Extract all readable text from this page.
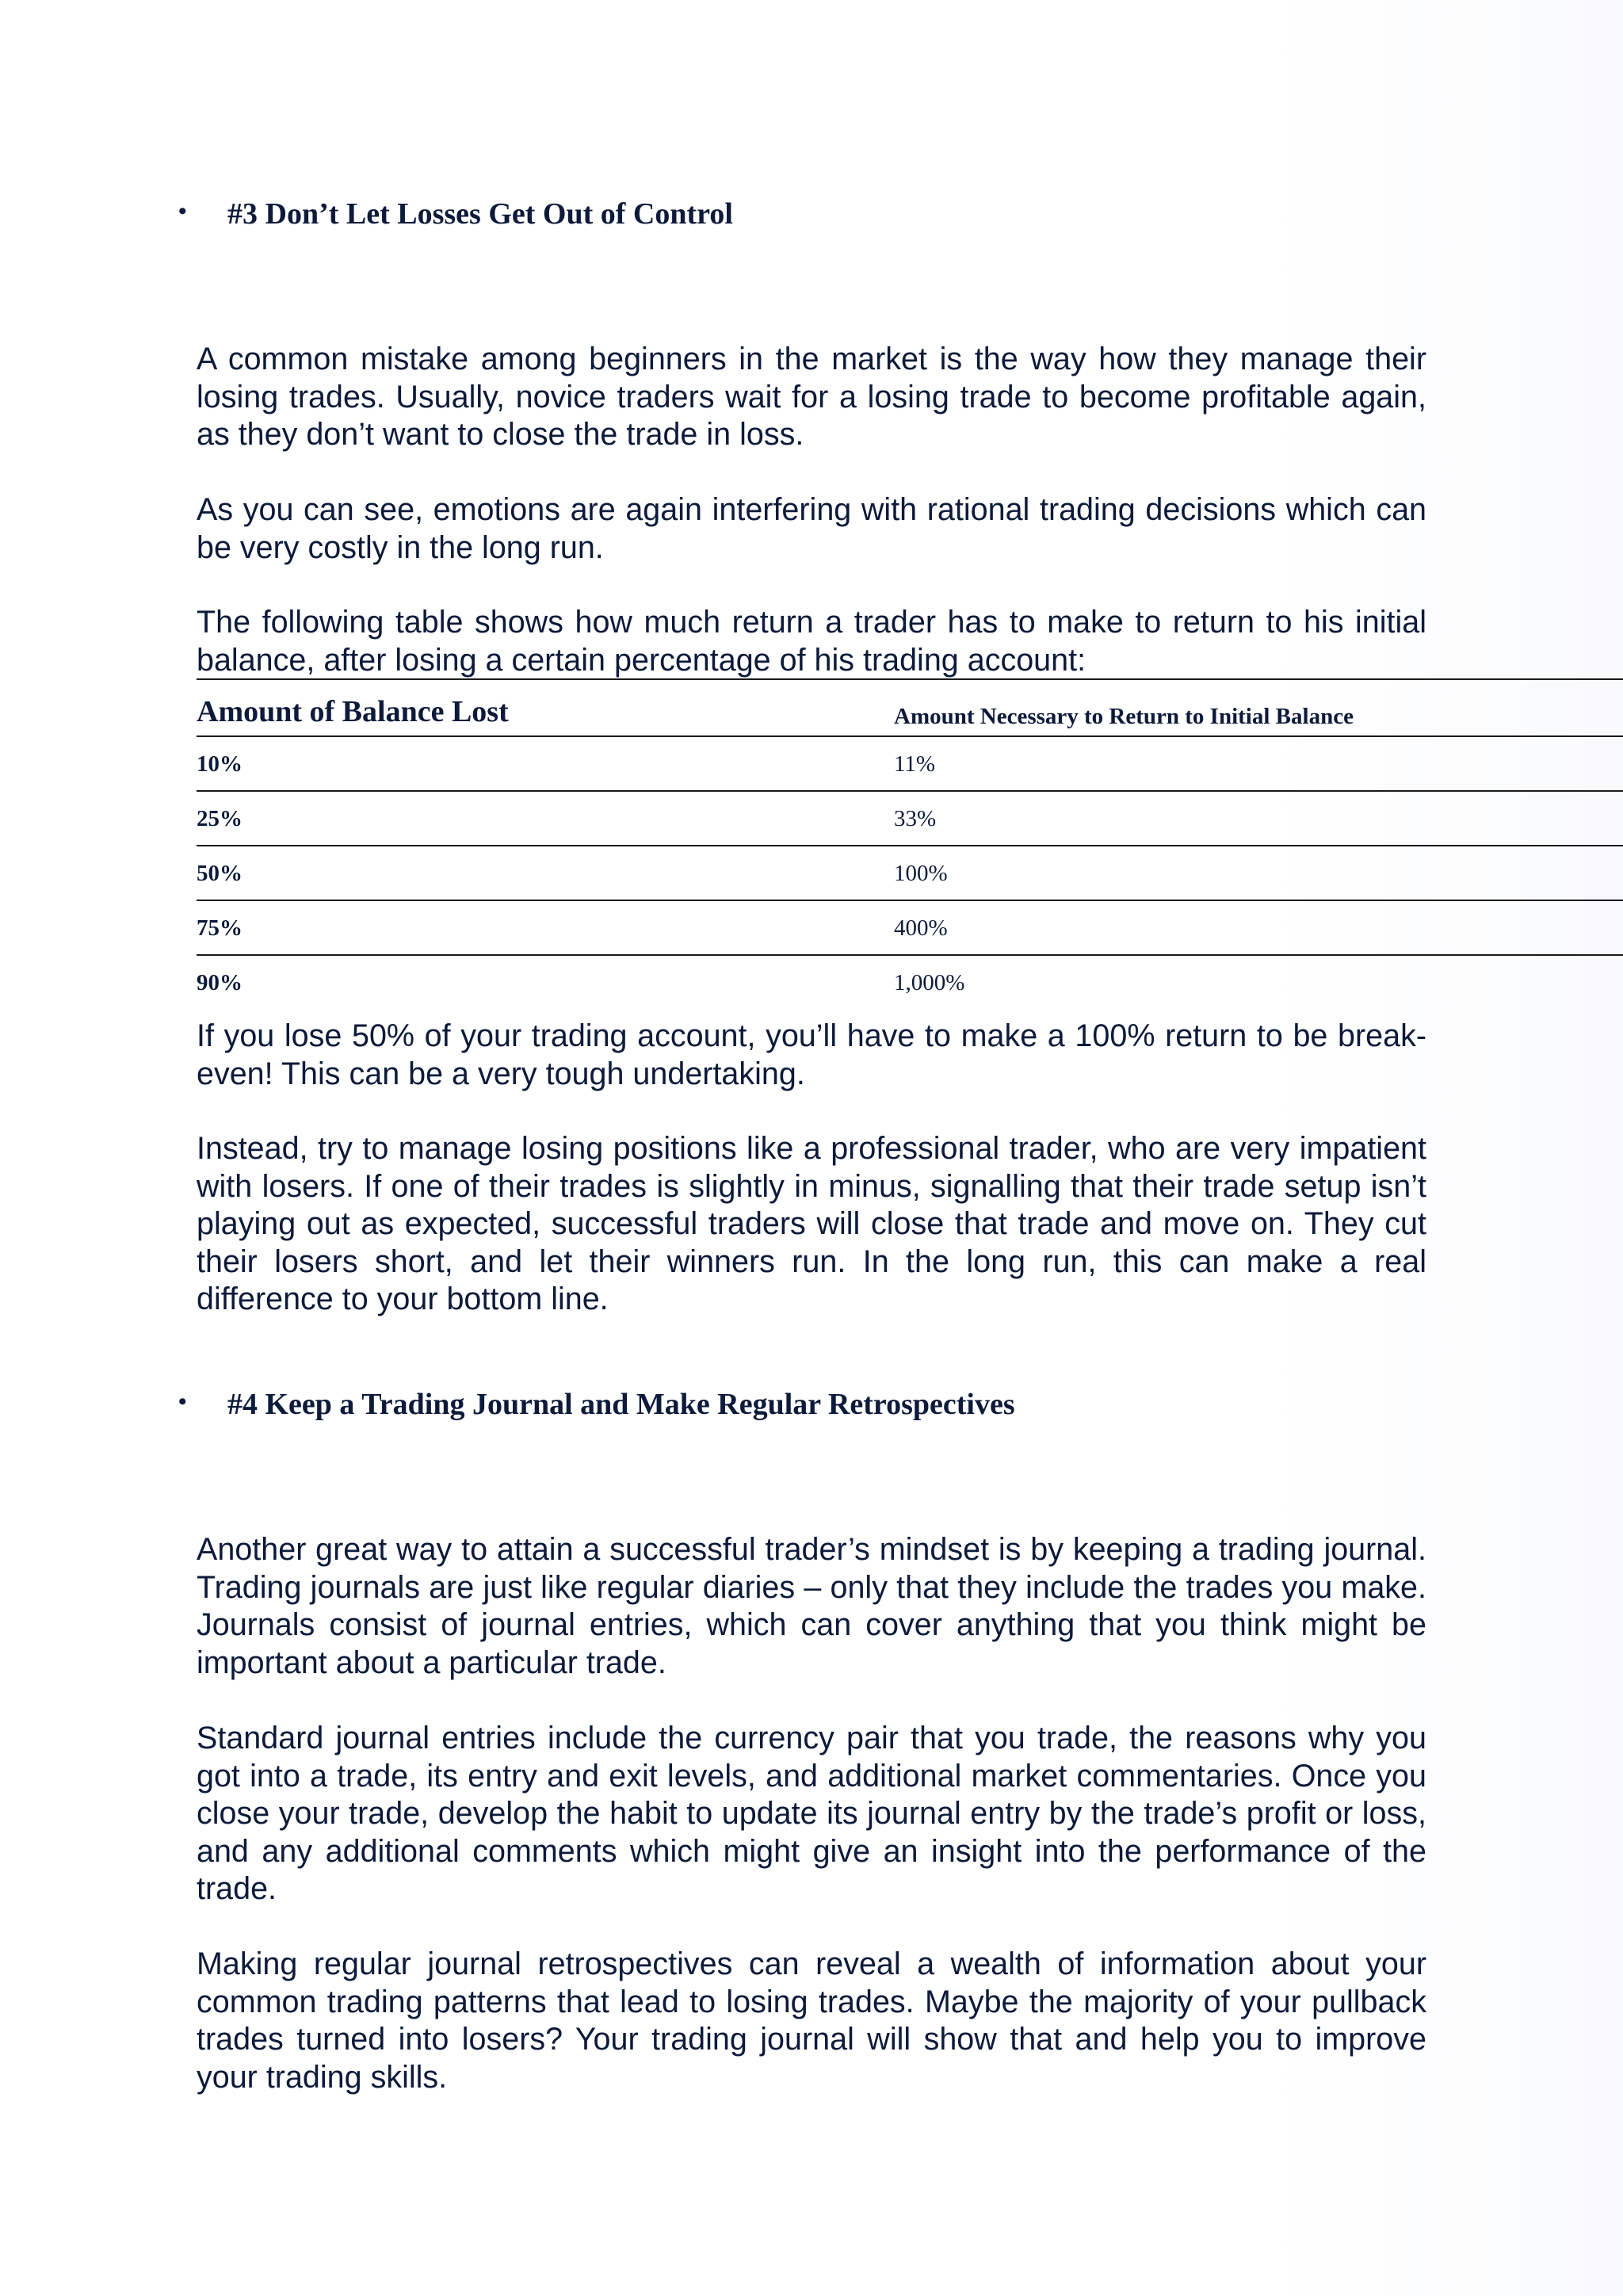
• #3 Don’t Let Losses Get Out of Control

A common mistake among beginners in the market is the way how they manage their losing trades. Usually, novice traders wait for a losing trade to become profitable again, as they don’t want to close the trade in loss.

As you can see, emotions are again interfering with rational trading decisions which can be very costly in the long run.

The following table shows how much return a trader has to make to return to his initial balance, after losing a certain percentage of his trading account:

Amount of Balance Lost	Amount Necessary to Return to Initial Balance
10%	11%
25%	33%
50%	100%
75%	400%
90%	1,000%

If you lose 50% of your trading account, you’ll have to make a 100% return to be break-even! This can be a very tough undertaking.

Instead, try to manage losing positions like a professional trader, who are very impatient with losers. If one of their trades is slightly in minus, signalling that their trade setup isn’t playing out as expected, successful traders will close that trade and move on. They cut their losers short, and let their winners run. In the long run, this can make a real difference to your bottom line.

• #4 Keep a Trading Journal and Make Regular Retrospectives

Another great way to attain a successful trader’s mindset is by keeping a trading journal. Trading journals are just like regular diaries – only that they include the trades you make. Journals consist of journal entries, which can cover anything that you think might be important about a particular trade.

Standard journal entries include the currency pair that you trade, the reasons why you got into a trade, its entry and exit levels, and additional market commentaries. Once you close your trade, develop the habit to update its journal entry by the trade’s profit or loss, and any additional comments which might give an insight into the performance of the trade.

Making regular journal retrospectives can reveal a wealth of information about your common trading patterns that lead to losing trades. Maybe the majority of your pullback trades turned into losers? Your trading journal will show that and help you to improve your trading skills.
